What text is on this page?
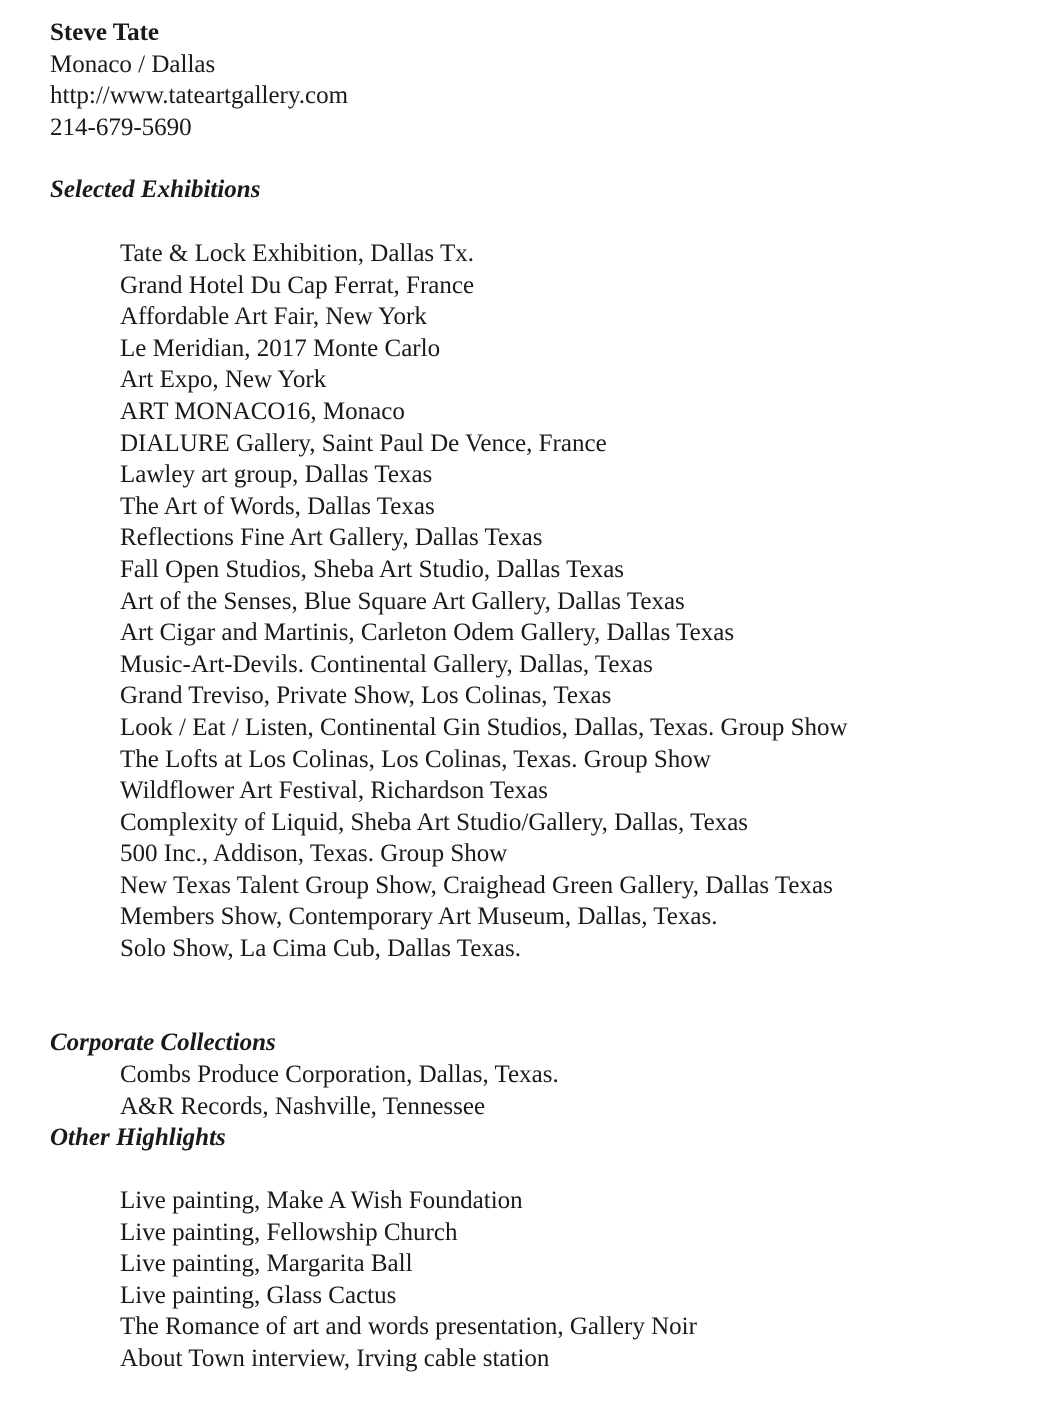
Steve Tate
Monaco / Dallas
http://www.tateartgallery.com
214-679-5690
Selected Exhibitions
Tate & Lock Exhibition, Dallas Tx.
Grand Hotel Du Cap Ferrat, France
Affordable Art Fair, New York
Le Meridian, 2017 Monte Carlo
Art Expo, New York
ART MONACO16, Monaco
DIALURE Gallery, Saint Paul De Vence, France
Lawley art group, Dallas Texas
The Art of Words, Dallas Texas
Reflections Fine Art Gallery, Dallas Texas
Fall Open Studios, Sheba Art Studio, Dallas Texas
Art of the Senses, Blue Square Art Gallery, Dallas Texas
Art Cigar and Martinis, Carleton Odem Gallery, Dallas Texas
Music-Art-Devils. Continental Gallery, Dallas, Texas
Grand Treviso, Private Show, Los Colinas, Texas
Look / Eat / Listen, Continental Gin Studios, Dallas, Texas. Group Show
The Lofts at Los Colinas, Los Colinas, Texas. Group Show
Wildflower Art Festival, Richardson Texas
Complexity of Liquid, Sheba Art Studio/Gallery, Dallas, Texas
500 Inc., Addison, Texas. Group Show
New Texas Talent Group Show, Craighead Green Gallery, Dallas Texas
Members Show, Contemporary Art Museum, Dallas, Texas.
Solo Show, La Cima Cub, Dallas Texas.
Corporate Collections
Combs Produce Corporation, Dallas, Texas.
A&R Records, Nashville, Tennessee
Other Highlights
Live painting, Make A Wish Foundation
Live painting, Fellowship Church
Live painting, Margarita Ball
Live painting, Glass Cactus
The Romance of art and words presentation, Gallery Noir
About Town interview, Irving cable station
